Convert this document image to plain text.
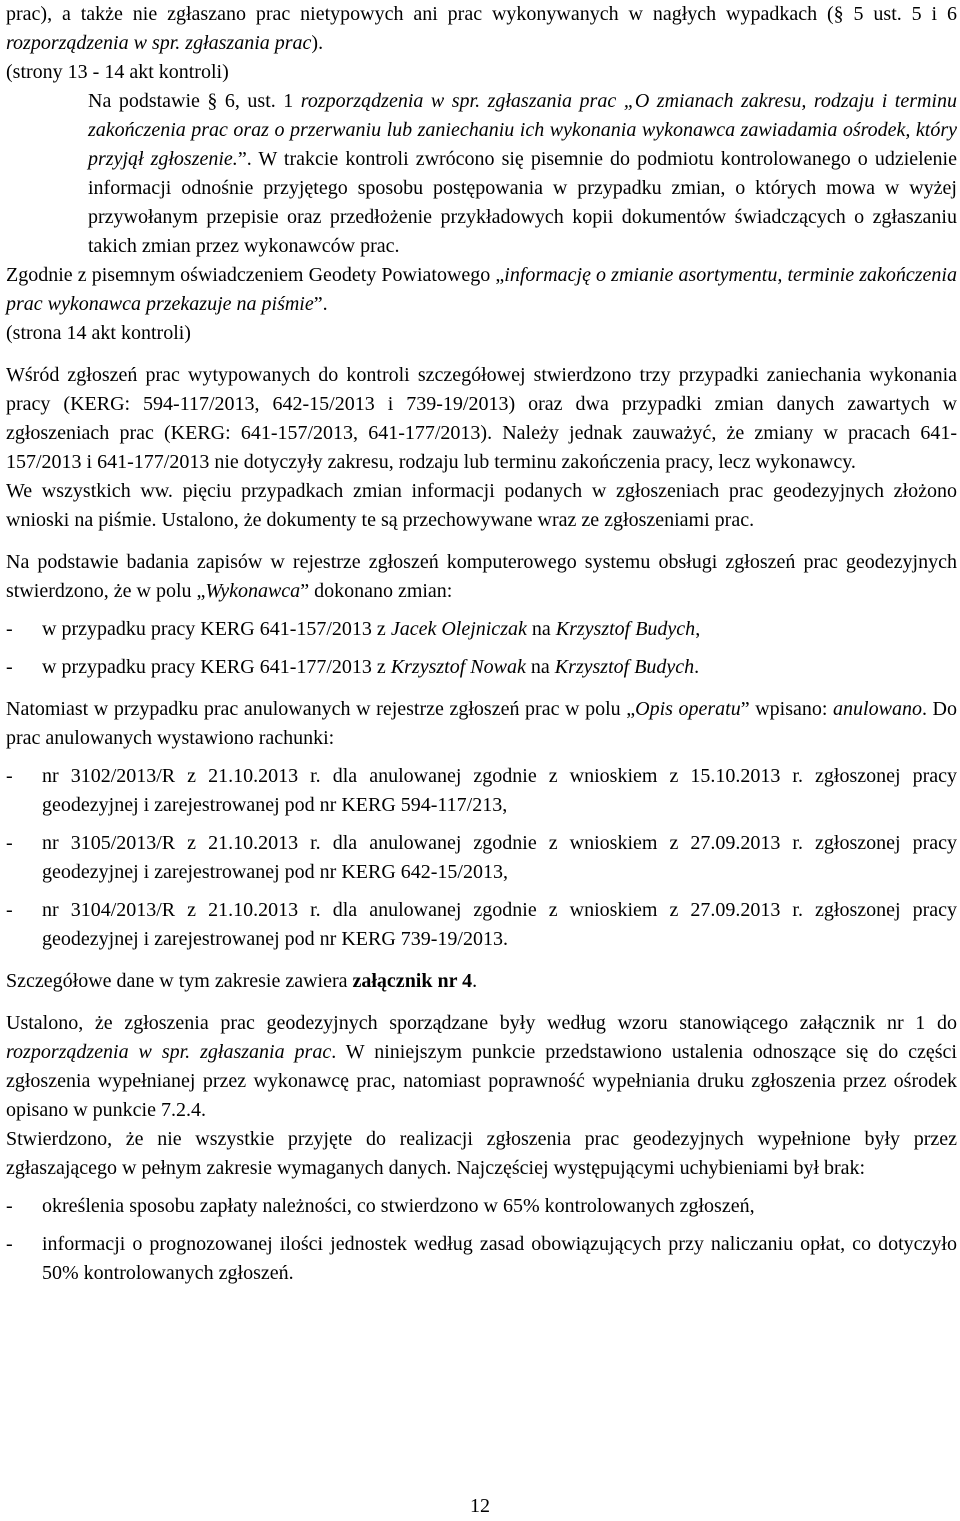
prac), a także nie zgłaszano prac nietypowych ani prac wykonywanych w nagłych wypadkach (§ 5 ust. 5 i 6 rozporządzenia w spr. zgłaszania prac).

(strony 13 - 14 akt kontroli)

Na podstawie § 6, ust. 1 rozporządzenia w spr. zgłaszania prac „O zmianach zakresu, rodzaju i terminu zakończenia prac oraz o przerwaniu lub zaniechaniu ich wykonania wykonawca zawiadamia ośrodek, który przyjął zgłoszenie.”. W trakcie kontroli zwrócono się pisemnie do podmiotu kontrolowanego o udzielenie informacji odnośnie przyjętego sposobu postępowania w przypadku zmian, o których mowa w wyżej przywołanym przepisie oraz przedłożenie przykładowych kopii dokumentów świadczących o zgłaszaniu takich zmian przez wykonawców prac.

Zgodnie z pisemnym oświadczeniem Geodety Powiatowego „informację o zmianie asortymentu, terminie zakończenia prac wykonawca przekazuje na piśmie”.

(strona 14 akt kontroli)

Wśród zgłoszeń prac wytypowanych do kontroli szczegółowej stwierdzono trzy przypadki zaniechania wykonania pracy (KERG: 594-117/2013, 642-15/2013 i 739-19/2013) oraz dwa przypadki zmian danych zawartych w zgłoszeniach prac (KERG: 641-157/2013, 641-177/2013). Należy jednak zauważyć, że zmiany w pracach 641-157/2013 i 641-177/2013 nie dotyczyły zakresu, rodzaju lub terminu zakończenia pracy, lecz wykonawcy.

We wszystkich ww. pięciu przypadkach zmian informacji podanych w zgłoszeniach prac geodezyjnych złożono wnioski na piśmie. Ustalono, że dokumenty te są przechowywane wraz ze zgłoszeniami prac.

Na podstawie badania zapisów w rejestrze zgłoszeń komputerowego systemu obsługi zgłoszeń prac geodezyjnych stwierdzono, że w polu „Wykonawca” dokonano zmian:

- w przypadku pracy KERG 641-157/2013 z Jacek Olejniczak na Krzysztof Budych,

- w przypadku pracy KERG 641-177/2013 z Krzysztof Nowak na Krzysztof Budych.

Natomiast w przypadku prac anulowanych w rejestrze zgłoszeń prac w polu „Opis operatu” wpisano: anulowano. Do prac anulowanych wystawiono rachunki:

- nr 3102/2013/R z 21.10.2013 r. dla anulowanej zgodnie z wnioskiem z 15.10.2013 r. zgłoszonej pracy geodezyjnej i zarejestrowanej pod nr KERG 594-117/213,

- nr 3105/2013/R z 21.10.2013 r. dla anulowanej zgodnie z wnioskiem z 27.09.2013 r. zgłoszonej pracy geodezyjnej i zarejestrowanej pod nr KERG 642-15/2013,

- nr 3104/2013/R z 21.10.2013 r. dla anulowanej zgodnie z wnioskiem z 27.09.2013 r. zgłoszonej pracy geodezyjnej i zarejestrowanej pod nr KERG 739-19/2013.

Szczegółowe dane w tym zakresie zawiera załącznik nr 4.

Ustalono, że zgłoszenia prac geodezyjnych sporządzane były według wzoru stanowiącego załącznik nr 1 do rozporządzenia w spr. zgłaszania prac. W niniejszym punkcie przedstawiono ustalenia odnoszące się do części zgłoszenia wypełnianej przez wykonawcę prac, natomiast poprawność wypełniania druku zgłoszenia przez ośrodek opisano w punkcie 7.2.4.

Stwierdzono, że nie wszystkie przyjęte do realizacji zgłoszenia prac geodezyjnych wypełnione były przez zgłaszającego w pełnym zakresie wymaganych danych. Najczęściej występującymi uchybieniami był brak:

- określenia sposobu zapłaty należności, co stwierdzono w 65% kontrolowanych zgłoszeń,

- informacji o prognozowanej ilości jednostek według zasad obowiązujących przy naliczaniu opłat, co dotyczyło 50% kontrolowanych zgłoszeń.

12
